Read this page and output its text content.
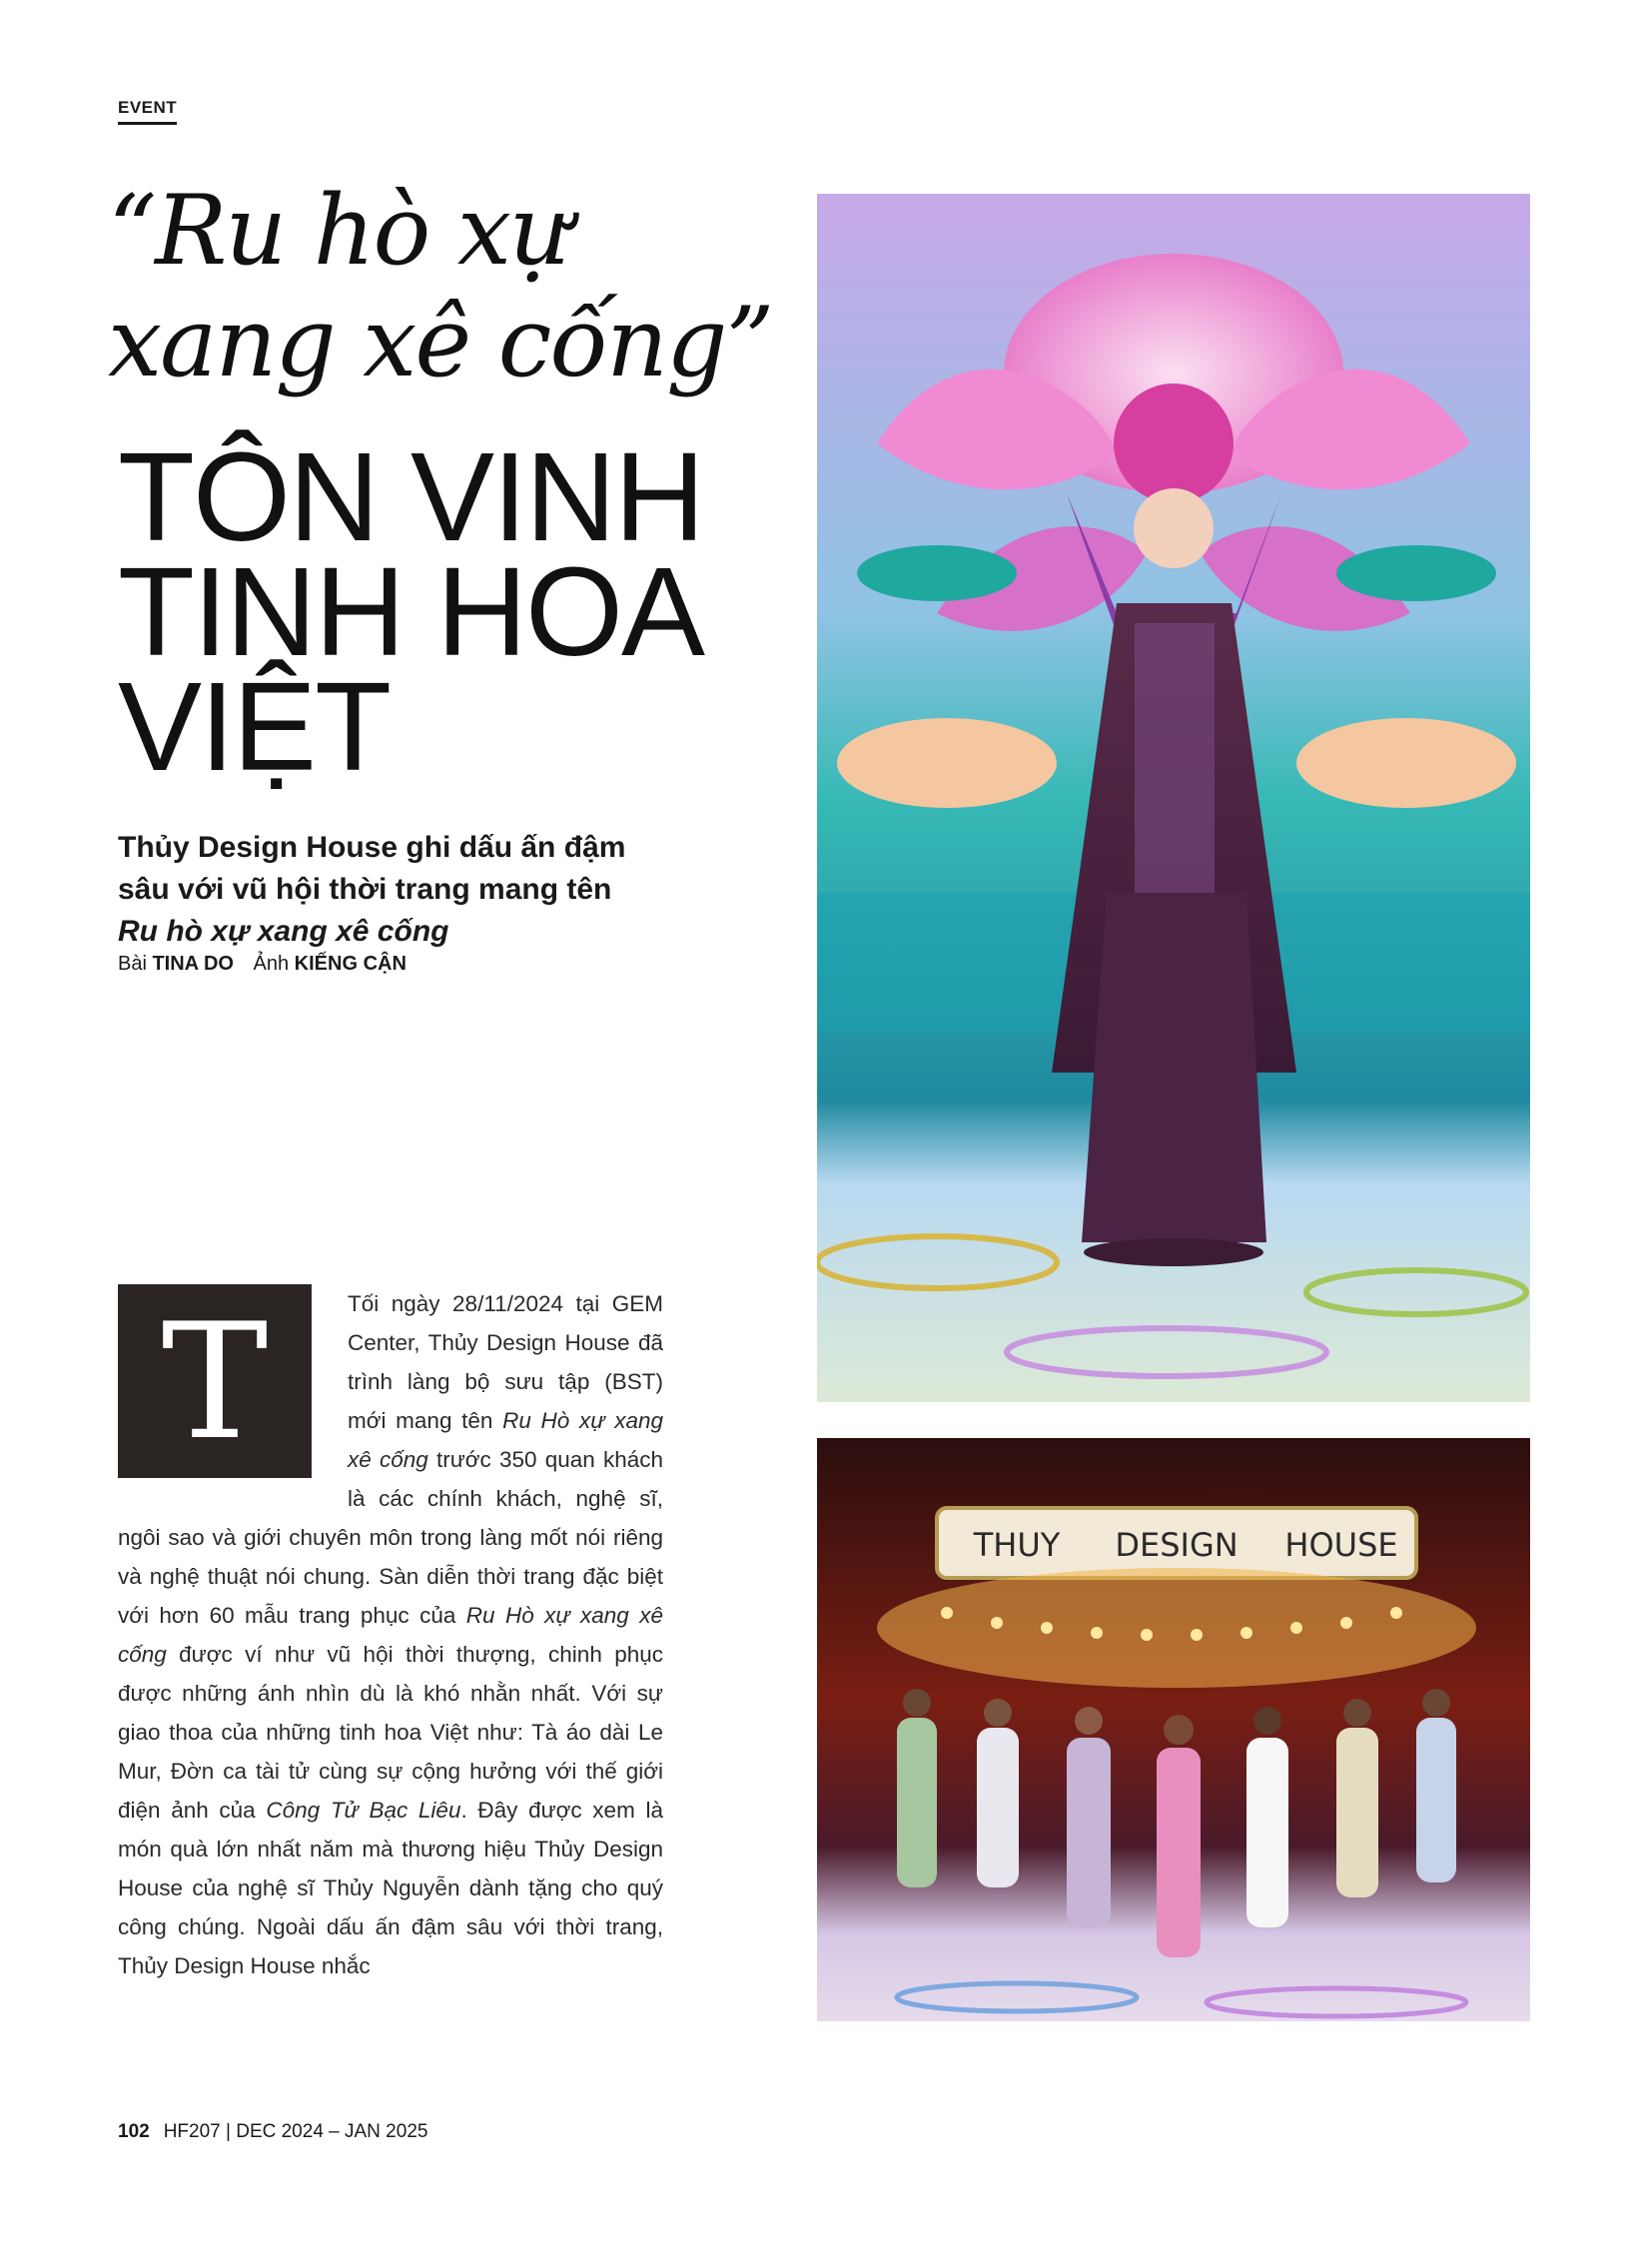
EVENT
“Ru hò xự
xang xê cống”
TÔN VINH
TINH HOA
VIỆT
Thủy Design House ghi dấu ấn đậm
sâu với vũ hội thời trang mang tên
Ru hò xự xang xê cống
Bài TINA DO Ảnh KIẾNG CẬN
Tối ngày 28/11/2024 tại GEM Center, Thủy Design House đã trình làng bộ sưu tập (BST) mới mang tên Ru Hò xự xang xê cống trước 350 quan khách là các chính khách, nghệ sĩ, ngôi sao và giới chuyên môn trong làng mốt nói riêng và nghệ thuật nói chung. Sàn diễn thời trang đặc biệt với hơn 60 mẫu trang phục của Ru Hò xự xang xê cống được ví như vũ hội thời thượng, chinh phục được những ánh nhìn dù là khó nhằn nhất. Với sự giao thoa của những tinh hoa Việt như: Tà áo dài Le Mur, Đờn ca tài tử cùng sự cộng hưởng với thế giới điện ảnh của Công Tử Bạc Liêu. Đây được xem là món quà lớn nhất năm mà thương hiệu Thủy Design House của nghệ sĩ Thủy Nguyễn dành tặng cho quý công chúng. Ngoài dấu ấn đậm sâu với thời trang, Thủy Design House nhắc
T
THUY DESIGN HOUSE
102 HF207 | DEC 2024 – JAN 2025
